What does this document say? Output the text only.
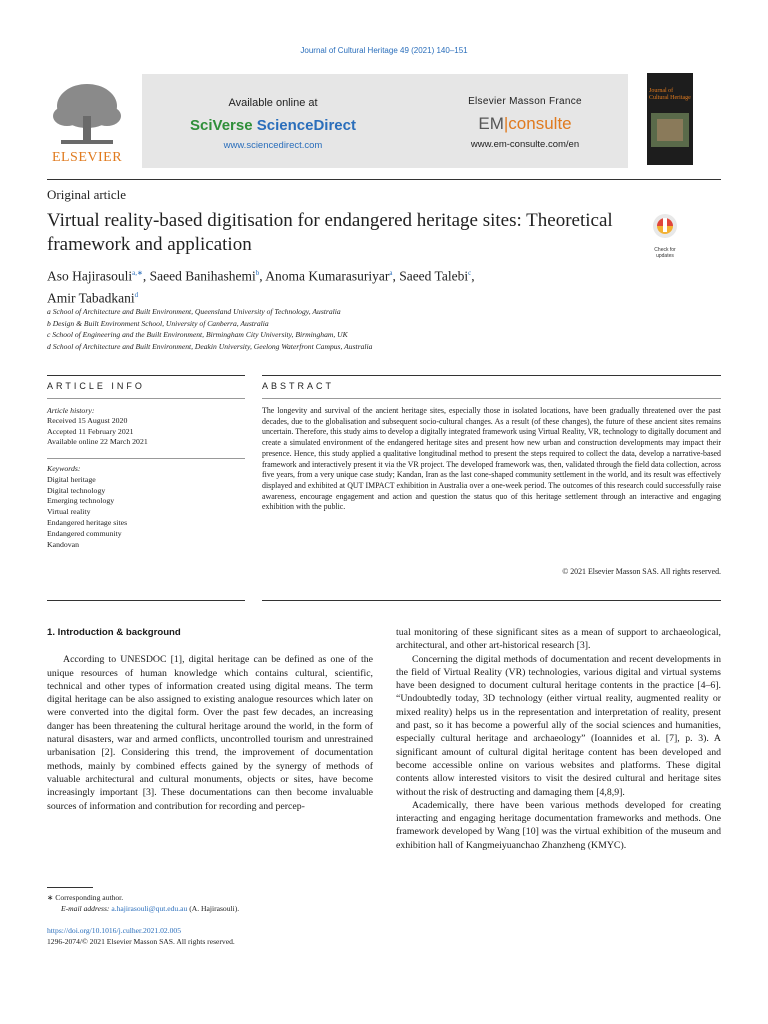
Journal of Cultural Heritage 49 (2021) 140–151
ELSEVIER
Available online at
SciVerse ScienceDirect
www.sciencedirect.com
Elsevier Masson France
EM|consulte
www.em-consulte.com/en
Journal of Cultural Heritage
Original article
Virtual reality-based digitisation for endangered heritage sites: Theoretical framework and application	Check for updates
Aso Hajirasouli$^{a,∗}$, Saeed Banihashemi$^b$, Anoma Kumarasuriyar$^a$, Saeed Talebi$^c$,
Amir Tabadkani$^d$
a School of Architecture and Built Environment, Queensland University of Technology, Australia
b Design & Built Environment School, University of Canberra, Australia
c School of Engineering and the Built Environment, Birmingham City University, Birmingham, UK
d School of Architecture and Built Environment, Deakin University, Geelong Waterfront Campus, Australia
ARTICLE INFO
Article history:
Received 15 August 2020
Accepted 11 February 2021
Available online 22 March 2021
Keywords:
Digital heritage
Digital technology
Emerging technology
Virtual reality
Endangered heritage sites
Endangered community
Kandovan
ABSTRACT
The longevity and survival of the ancient heritage sites, especially those in isolated locations, have been gradually threatened over the past decades, due to the globalisation and subsequent socio-cultural changes. As a result (of these changes), the future of these ancient sites remains uncertain. Therefore, this study aims to develop a digitally integrated framework using Virtual Reality, VR, technology to digitally document and create a simulated environment of the endangered heritage sites and present how new urban and construction developments may impact their presence. Hence, this study applied a qualitative longitudinal method to present the steps required to collect the data, develop a narrative-based framework and interactively present it via the VR project. The developed framework was, then, validated through the field data collection, across five years, from a very unique case study; Kandan, Iran as the last cone-shaped community settlement in the world, and its result was effectively displayed and exhibited at QUT IMPACT exhibition in Australia over a one-week period. The outcomes of this research could successfully raise awareness, encourage engagement and action and question the status quo of this heritage settlement through an interactive and engaging exhibition with the public.
© 2021 Elsevier Masson SAS. All rights reserved.
1. Introduction & background

According to UNESDOC [1], digital heritage can be defined as one of the unique resources of human knowledge which contains cultural, scientific, technical and other types of information created using digital means. The term digital heritage can be also assigned to existing analogue resources which later on were converted into the digital form. Over the past few decades, an increasing danger has been threatening the cultural heritage around the world, in the form of natural disasters, war and armed conflicts, uncontrolled tourism and unrestrained urbanisation [2]. Considering this trend, the improvement of documentation methods, mainly by combined effects gained by the synergy of methods of valuable architectural and cultural monuments, objects or sites, have become increasingly important [3]. These documentations can then become invaluable sources of information and contribution for recording and percep-

tual monitoring of these significant sites as a mean of support to archaeological, architectural, and other art-historical research [3].

Concerning the digital methods of documentation and recent developments in the field of Virtual Reality (VR) technologies, various digital and virtual systems have been designed to document cultural heritage contents in the practice [4–6]. “Undoubtedly today, 3D technology (either virtual reality, augmented reality or mixed reality) helps us in the representation and interpretation of reality, present and past, so it has become a powerful ally of the social sciences and humanities, especially cultural heritage and archaeology” (Ioannides et al. [7], p. 3). A significant amount of cultural digital heritage content has been developed and become accessible online on various websites and platforms. These digital contents allow interested visitors to visit the desired cultural and heritage sites without the risk of destructing and damaging them [4,8,9].

Academically, there have been various methods developed for creating interacting and engaging heritage documentation frameworks and methods. One framework developed by Wang [10] was the virtual exhibition of the museum and exhibition hall of Kangmeiyuanchao Zhanzheng (KMYC).

∗ Corresponding author.
E-mail address: a.hajirasouli@qut.edu.au (A. Hajirasouli).
https://doi.org/10.1016/j.culher.2021.02.005
1296-2074/© 2021 Elsevier Masson SAS. All rights reserved.
